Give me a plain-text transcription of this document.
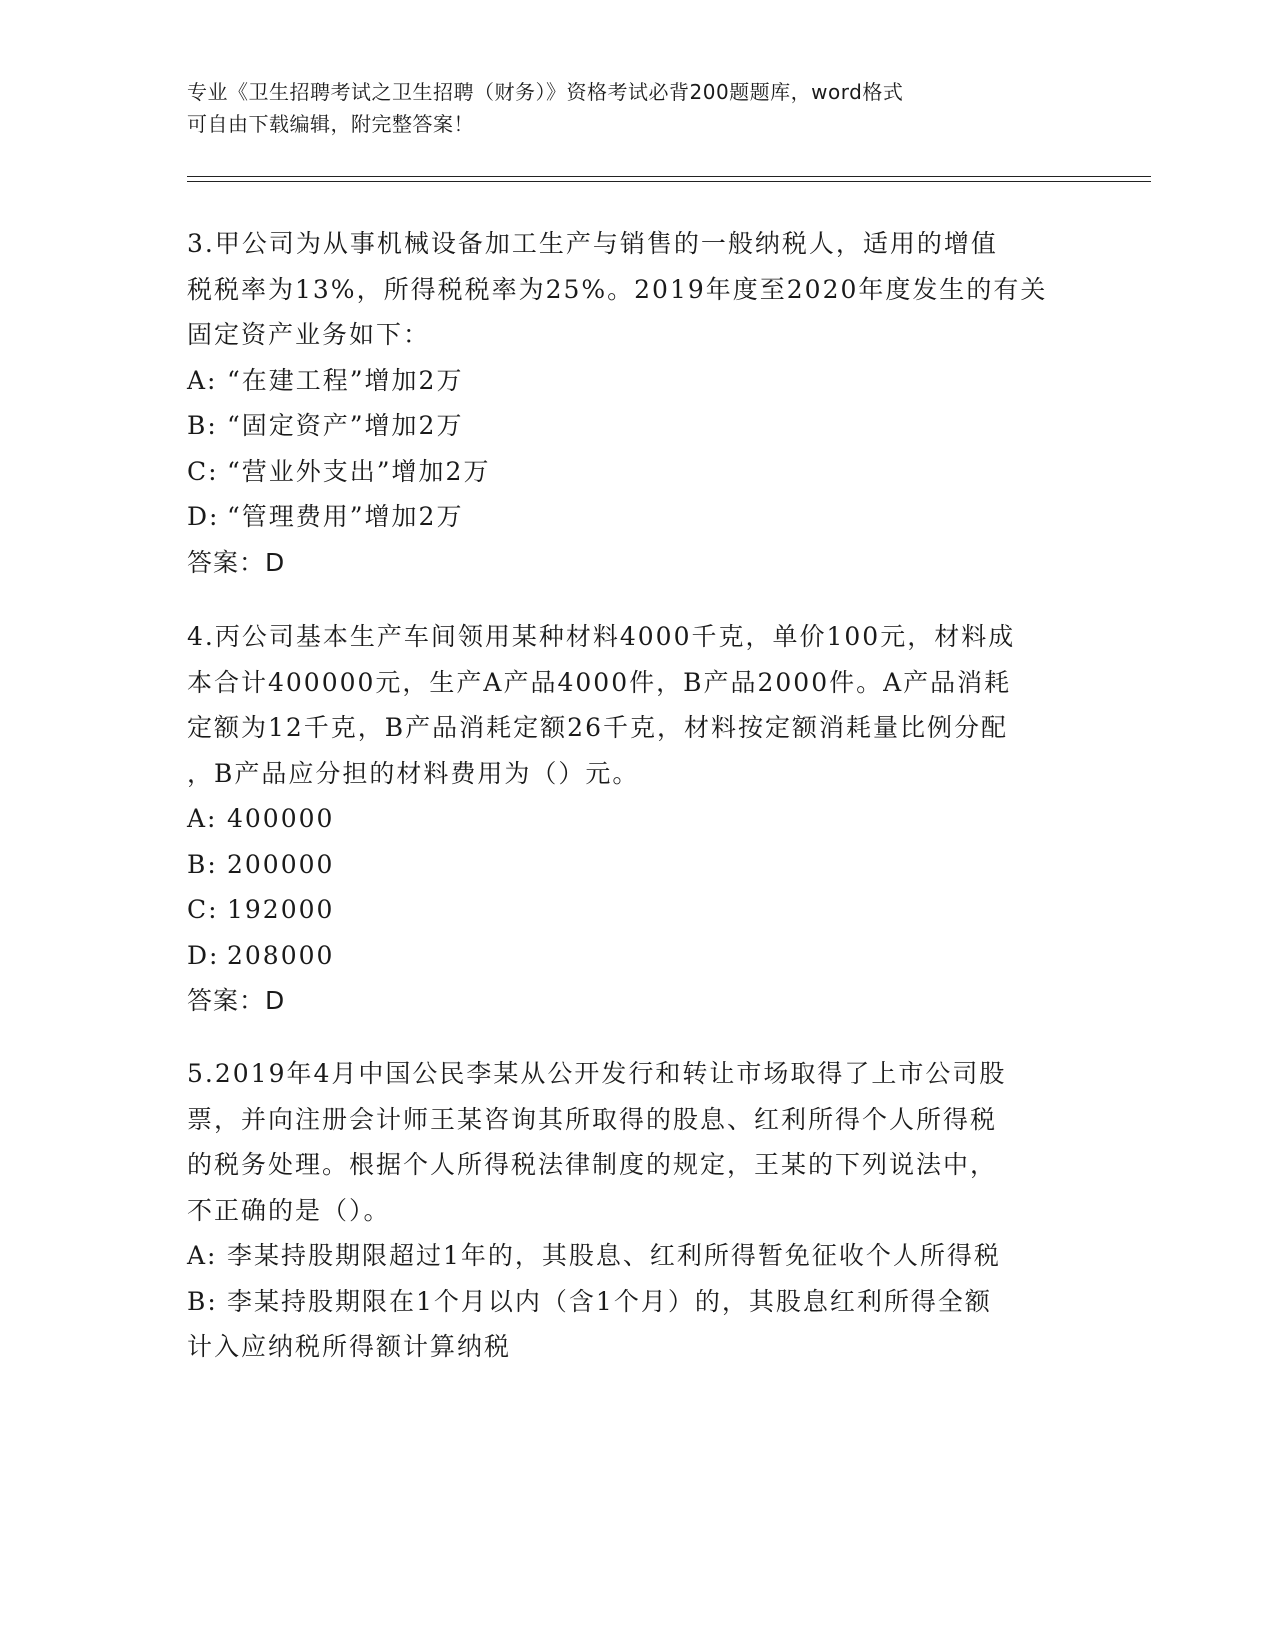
专业《卫生招聘考试之卫生招聘（财务）》资格考试必背200题题库，word格式
可自由下载编辑，附完整答案！
3.甲公司为从事机械设备加工生产与销售的一般纳税人，适用的增值
税税率为13%，所得税税率为25%。2019年度至2020年度发生的有关
固定资产业务如下：
A: “在建工程”增加2万
B: “固定资产”增加2万
C: “营业外支出”增加2万
D: “管理费用”增加2万
答案：D
4.丙公司基本生产车间领用某种材料4000千克，单价100元，材料成
本合计400000元，生产A产品4000件，B产品2000件。A产品消耗
定额为12千克，B产品消耗定额26千克，材料按定额消耗量比例分配
，B产品应分担的材料费用为（）元。
A: 400000
B: 200000
C: 192000
D: 208000
答案：D
5.2019年4月中国公民李某从公开发行和转让市场取得了上市公司股
票，并向注册会计师王某咨询其所取得的股息、红利所得个人所得税
的税务处理。根据个人所得税法律制度的规定，王某的下列说法中，
不正确的是（）。
A: 李某持股期限超过1年的，其股息、红利所得暂免征收个人所得税
B: 李某持股期限在1个月以内（含1个月）的，其股息红利所得全额
计入应纳税所得额计算纳税
